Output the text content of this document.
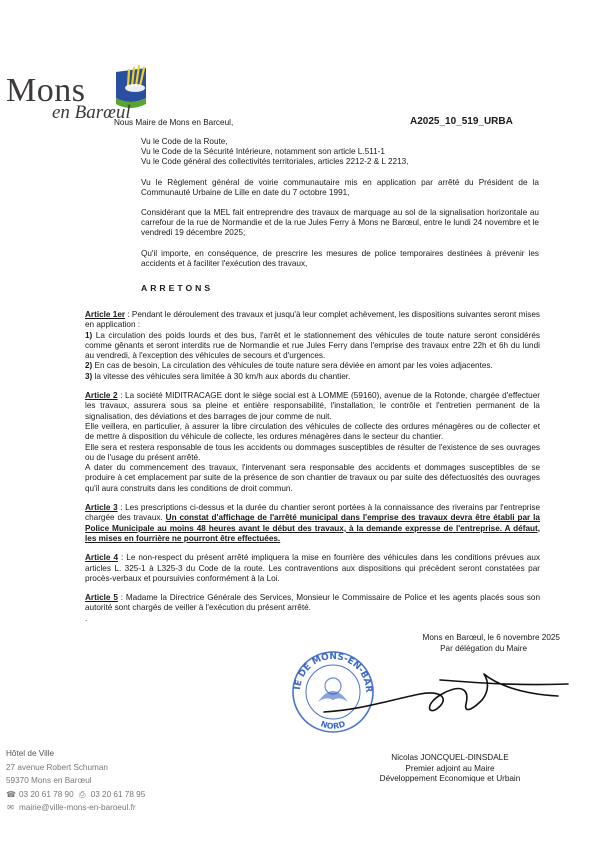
Mons
en Barœul
Nous Maire de Mons en Barceul,	A2025_10_519_URBA
Vu le Code de la Route,
Vu le Code de la Sécurité Intérieure, notamment son article L.511-1
Vu le Code général des collectivités territoriales, articles 2212-2 & L 2213,

Vu le Règlement général de voirie communautaire mis en application par arrêté du Président de la Communauté Urbaine de Lille en date du 7 octobre 1991,

Considérant que la MEL fait entreprendre des travaux de marquage au sol de la signalisation horizontale au carrefour de la rue de Normandie et de la rue Jules Ferry à Mons ne Barœul, entre le lundi 24 novembre et le vendredi 19 décembre 2025;

Qu'il importe, en conséquence, de prescrire les mesures de police temporaires destinées à prévenir les accidents et à faciliter l'exécution des travaux,

ARRETONS

Article 1er : Pendant le déroulement des travaux et jusqu'à leur complet achèvement, les dispositions suivantes seront mises en application :

1) La circulation des poids lourds et des bus, l'arrêt et le stationnement des véhicules de toute nature seront considérés comme gênants et seront interdits rue de Normandie et rue Jules Ferry dans l'emprise des travaux entre 22h et 6h du lundi au vendredi, à l'exception des véhicules de secours et d'urgences.

2) En cas de besoin, La circulation des véhicules de toute nature sera déviée en amont par les voies adjacentes.

3) la vitesse des véhicules sera limitée à 30 km/h aux abords du chantier.

Article 2 : La société MIDITRACAGE dont le siège social est à LOMME (59160), avenue de la Rotonde, chargée d'effectuer les travaux, assurera sous sa pleine et entière responsabilité, l'installation, le contrôle et l'entretien permanent de la signalisation, des déviations et des barrages de jour comme de nuit.

Elle veillera, en particulier, à assurer la libre circulation des véhicules de collecte des ordures ménagères ou de collecter et de mettre à disposition du véhicule de collecte, les ordures ménagères dans le secteur du chantier.

Elle sera et restera responsable de tous les accidents ou dommages susceptibles de résulter de l'existence de ses ouvrages ou de l'usage du présent arrêté.

A dater du commencement des travaux, l'intervenant sera responsable des accidents et dommages susceptibles de se produire à cet emplacement par suite de la présence de son chantier de travaux ou par suite des défectuosités des ouvrages qu'il aura construits dans les conditions de droit commun.

Article 3 : Les prescriptions ci-dessus et la durée du chantier seront portées à la connaissance des riverains par l'entreprise chargée des travaux. Un constat d'affichage de l'arrêté municipal dans l'emprise des travaux devra être établi par la Police Municipale au moins 48 heures avant le début des travaux, à la demande expresse de l'entreprise. A défaut, les mises en fourrière ne pourront être effectuées.

Article 4 : Le non-respect du présent arrêté impliquera la mise en fourrière des véhicules dans les conditions prévues aux articles L. 325-1 à L325-3 du Code de la route. Les contraventions aux dispositions qui précèdent seront constatées par procès-verbaux et poursuivies conformément à la Loi.

Article 5 : Madame la Directrice Générale des Services, Monsieur le Commissaire de Police et les agents placés sous son autorité sont chargés de veiller à l'exécution du présent arrêté.

.
Mons en Barœul, le 6 novembre 2025
Par délégation du Maire
IE DE MONS-EN-BAR
NORD
Nicolas JONCQUEL-DINSDALE
Premier adjoint au Maire
Développement Economique et Urbain
Hôtel de Ville
27 avenue Robert Schuman
59370 Mons en Barœul
☎ 03 20 61 78 90 ⎙ 03 20 61 78 95
✉ mairie@ville-mons-en-baroeul.fr
